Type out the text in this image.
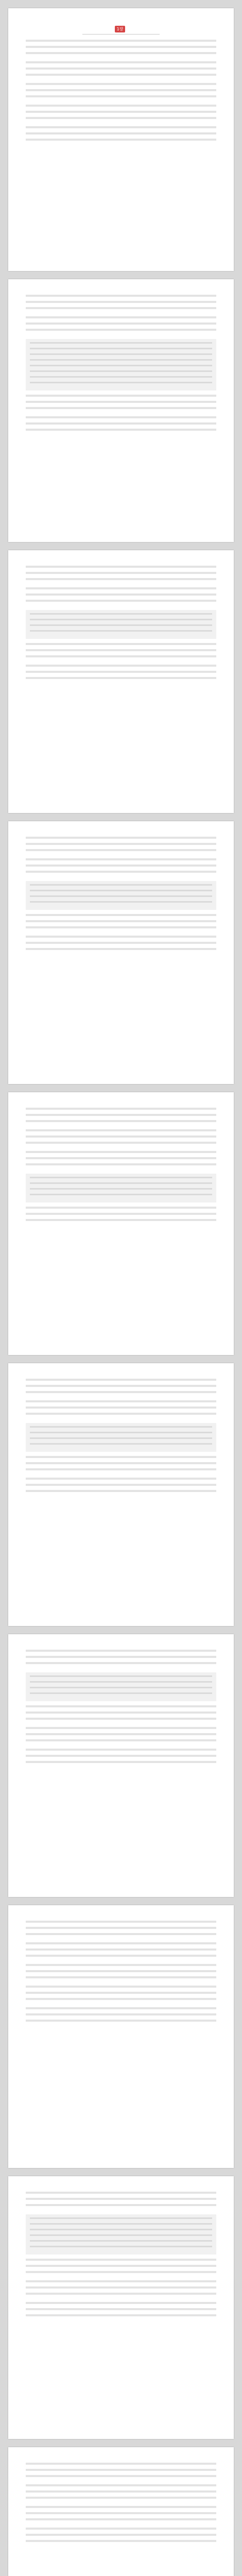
1장
